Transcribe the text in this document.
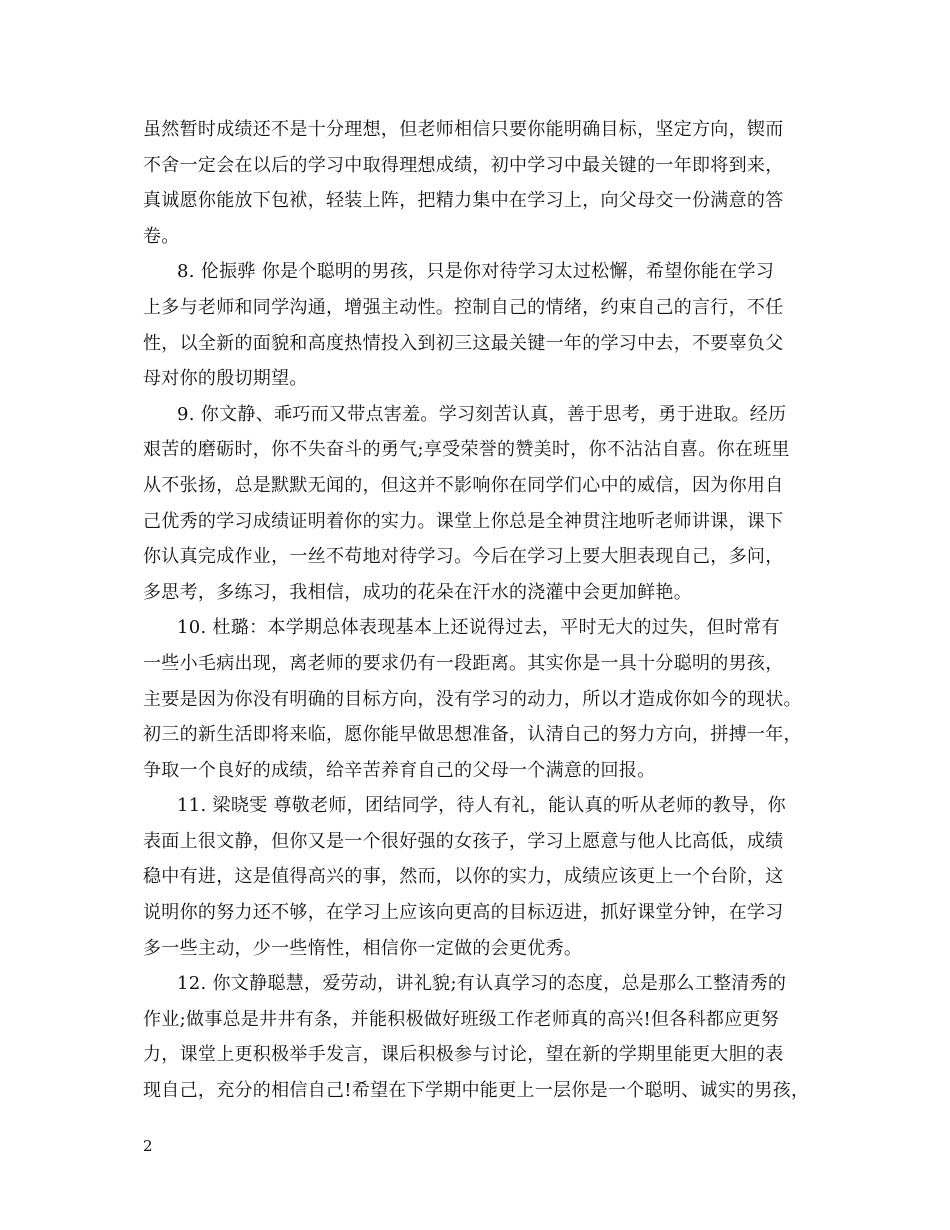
虽然暂时成绩还不是十分理想，但老师相信只要你能明确目标，坚定方向，锲而
不舍一定会在以后的学习中取得理想成绩，初中学习中最关键的一年即将到来，
真诚愿你能放下包袱，轻装上阵，把精力集中在学习上，向父母交一份满意的答
卷。
8. 伦振骅 你是个聪明的男孩，只是你对待学习太过松懈，希望你能在学习
上多与老师和同学沟通，增强主动性。控制自己的情绪，约束自己的言行，不任
性，以全新的面貌和高度热情投入到初三这最关键一年的学习中去，不要辜负父
母对你的殷切期望。
9. 你文静、乖巧而又带点害羞。学习刻苦认真，善于思考，勇于进取。经历
艰苦的磨砺时，你不失奋斗的勇气;享受荣誉的赞美时，你不沾沾自喜。你在班里
从不张扬，总是默默无闻的，但这并不影响你在同学们心中的威信，因为你用自
己优秀的学习成绩证明着你的实力。课堂上你总是全神贯注地听老师讲课，课下
你认真完成作业，一丝不苟地对待学习。今后在学习上要大胆表现自己，多问，
多思考，多练习，我相信，成功的花朵在汗水的浇灌中会更加鲜艳。
10. 杜璐：本学期总体表现基本上还说得过去，平时无大的过失，但时常有
一些小毛病出现，离老师的要求仍有一段距离。其实你是一具十分聪明的男孩，
主要是因为你没有明确的目标方向，没有学习的动力，所以才造成你如今的现状。
初三的新生活即将来临，愿你能早做思想准备，认清自己的努力方向，拼搏一年，
争取一个良好的成绩，给辛苦养育自己的父母一个满意的回报。
11. 梁晓雯 尊敬老师，团结同学，待人有礼，能认真的听从老师的教导，你
表面上很文静，但你又是一个很好强的女孩子，学习上愿意与他人比高低，成绩
稳中有进，这是值得高兴的事，然而，以你的实力，成绩应该更上一个台阶，这
说明你的努力还不够，在学习上应该向更高的目标迈进，抓好课堂分钟，在学习
多一些主动，少一些惰性，相信你一定做的会更优秀。
12. 你文静聪慧，爱劳动，讲礼貌;有认真学习的态度，总是那么工整清秀的
作业;做事总是井井有条，并能积极做好班级工作老师真的高兴!但各科都应更努
力，课堂上更积极举手发言，课后积极参与讨论，望在新的学期里能更大胆的表
现自己，充分的相信自己!希望在下学期中能更上一层你是一个聪明、诚实的男孩，
2
